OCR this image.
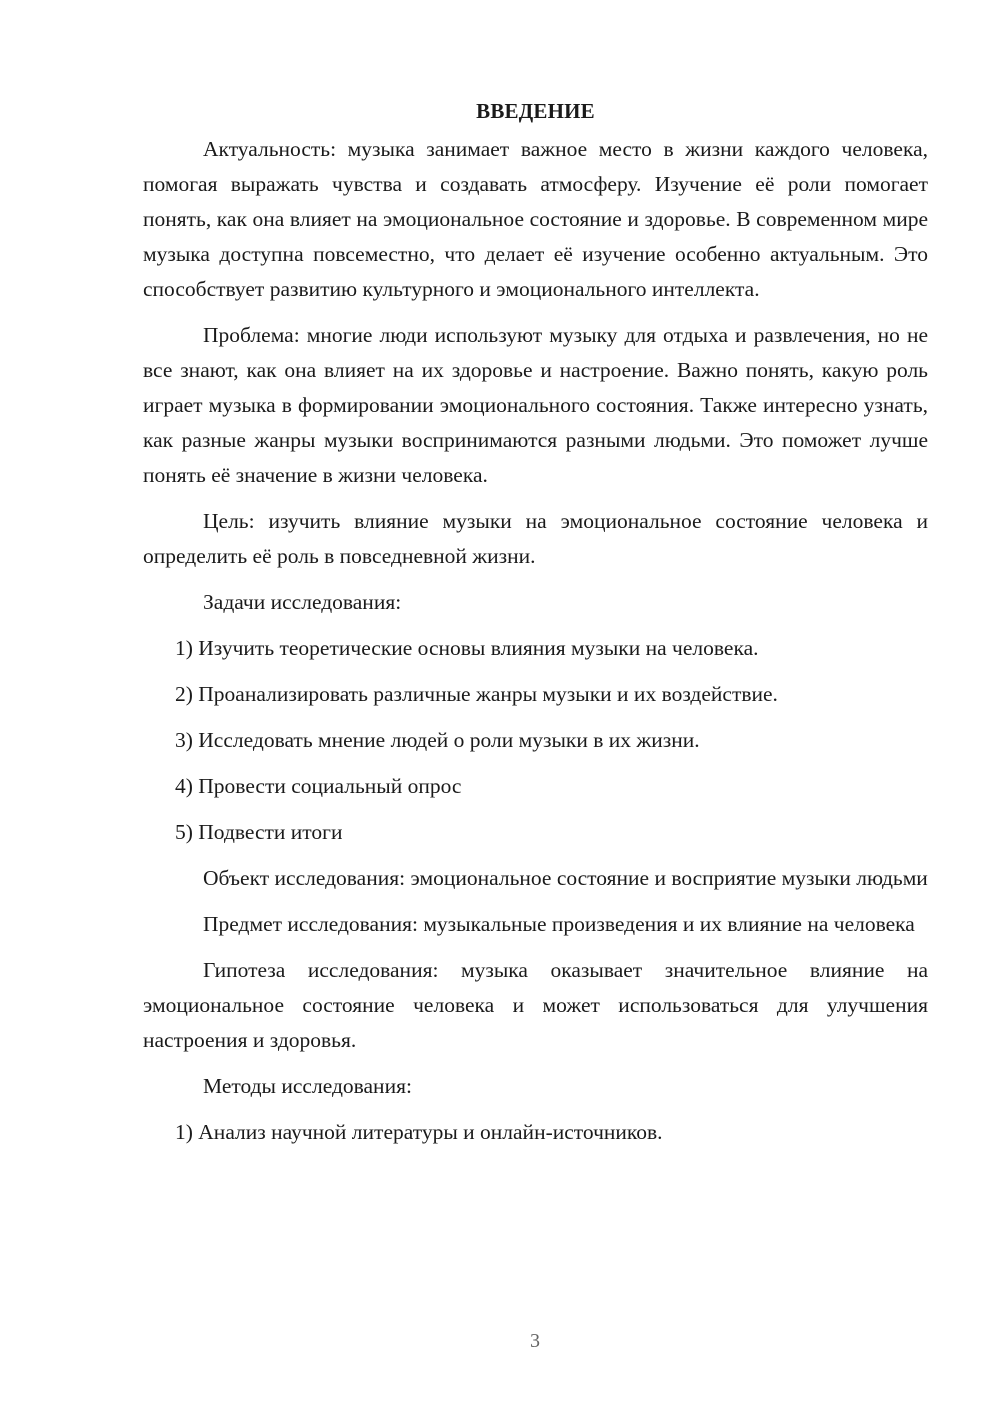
ВВЕДЕНИЕ

Актуальность: музыка занимает важное место в жизни каждого человека, помогая выражать чувства и создавать атмосферу. Изучение её роли помогает понять, как она влияет на эмоциональное состояние и здоровье. В современном мире музыка доступна повсеместно, что делает её изучение особенно актуальным. Это способствует развитию культурного и эмоционального интеллекта.

Проблема: многие люди используют музыку для отдыха и развлечения, но не все знают, как она влияет на их здоровье и настроение. Важно понять, какую роль играет музыка в формировании эмоционального состояния. Также интересно узнать, как разные жанры музыки воспринимаются разными людьми. Это поможет лучше понять её значение в жизни человека.

Цель: изучить влияние музыки на эмоциональное состояние человека и определить её роль в повседневной жизни.

Задачи исследования:

1) Изучить теоретические основы влияния музыки на человека.

2) Проанализировать различные жанры музыки и их воздействие.

3) Исследовать мнение людей о роли музыки в их жизни.

4) Провести социальный опрос

5) Подвести итоги

Объект исследования: эмоциональное состояние и восприятие музыки людьми

Предмет исследования: музыкальные произведения и их влияние на человека

Гипотеза исследования: музыка оказывает значительное влияние на эмоциональное состояние человека и может использоваться для улучшения настроения и здоровья.

Методы исследования:

1) Анализ научной литературы и онлайн-источников.

3
